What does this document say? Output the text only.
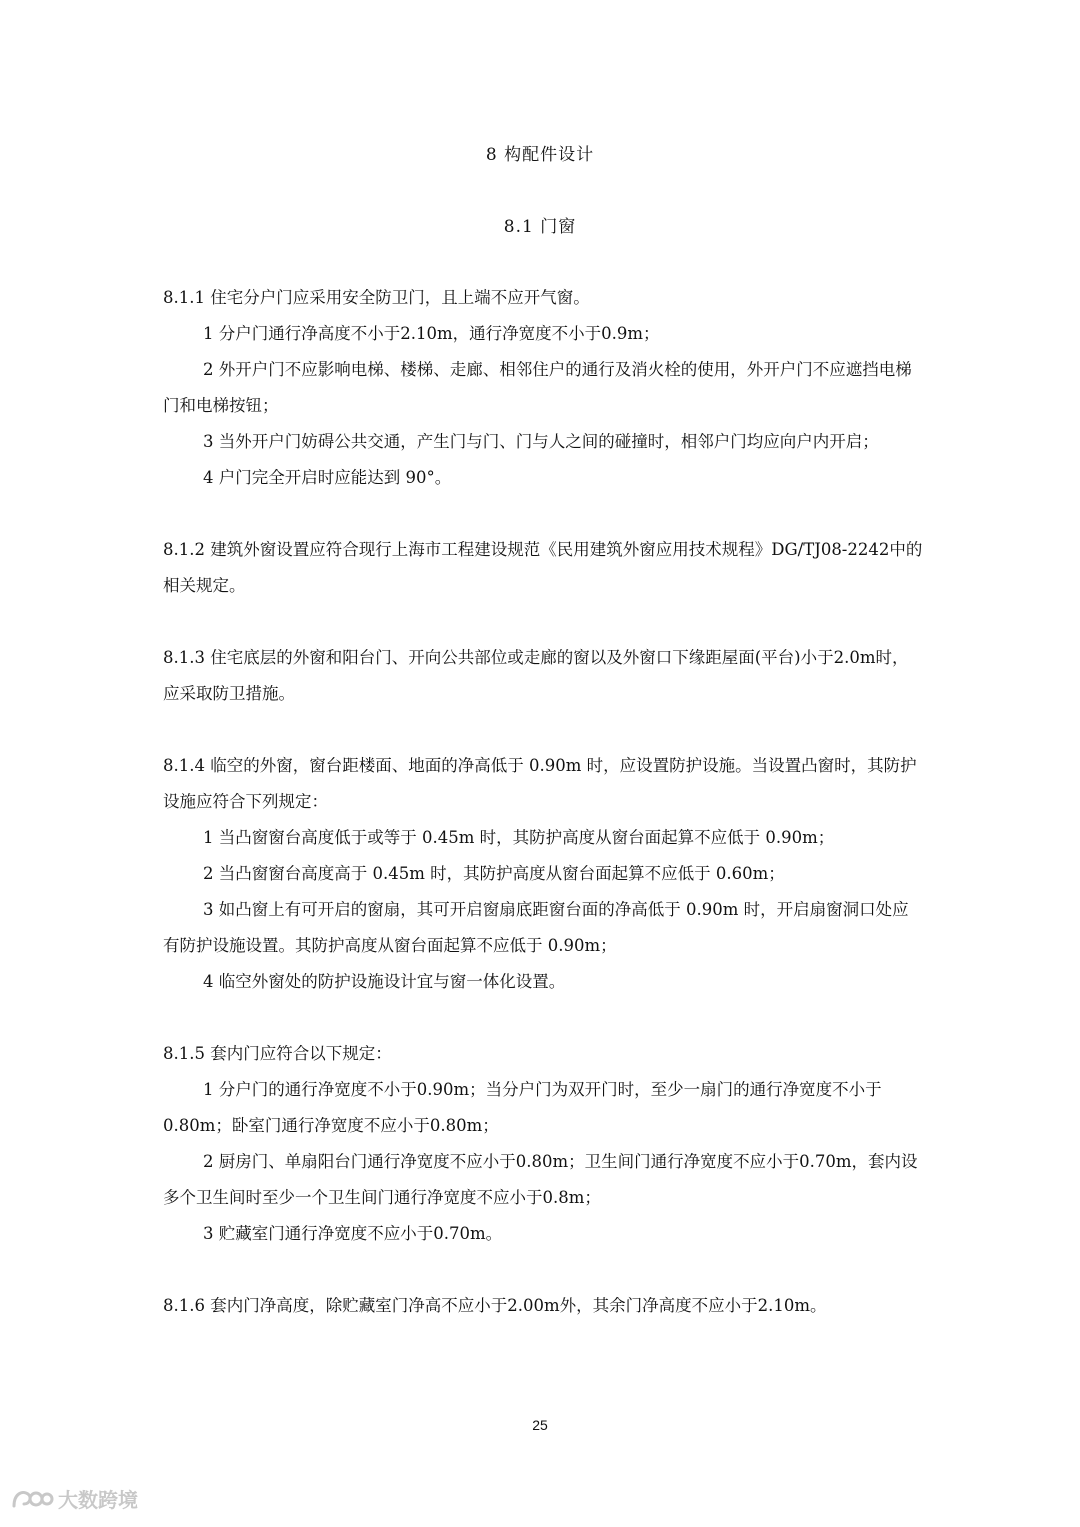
8 构配件设计
8.1 门窗

8.1.1 住宅分户门应采用安全防卫门，且上端不应开气窗。

1 分户门通行净高度不小于2.10m，通行净宽度不小于0.9m；

2 外开户门不应影响电梯、楼梯、走廊、相邻住户的通行及消火栓的使用，外开户门不应遮挡电梯门和电梯按钮；

3 当外开户门妨碍公共交通，产生门与门、门与人之间的碰撞时，相邻户门均应向户内开启；

4 户门完全开启时应能达到 90°。

8.1.2 建筑外窗设置应符合现行上海市工程建设规范《民用建筑外窗应用技术规程》DG/TJ08-2242中的相关规定。

8.1.3 住宅底层的外窗和阳台门、开向公共部位或走廊的窗以及外窗口下缘距屋面(平台)小于2.0m时，应采取防卫措施。

8.1.4 临空的外窗，窗台距楼面、地面的净高低于 0.90m 时，应设置防护设施。当设置凸窗时，其防护设施应符合下列规定：

1 当凸窗窗台高度低于或等于 0.45m 时，其防护高度从窗台面起算不应低于 0.90m；

2 当凸窗窗台高度高于 0.45m 时，其防护高度从窗台面起算不应低于 0.60m；

3 如凸窗上有可开启的窗扇，其可开启窗扇底距窗台面的净高低于 0.90m 时，开启扇窗洞口处应有防护设施设置。其防护高度从窗台面起算不应低于 0.90m；

4 临空外窗处的防护设施设计宜与窗一体化设置。

8.1.5 套内门应符合以下规定：

1 分户门的通行净宽度不小于0.90m；当分户门为双开门时，至少一扇门的通行净宽度不小于0.80m；卧室门通行净宽度不应小于0.80m；

2 厨房门、单扇阳台门通行净宽度不应小于0.80m；卫生间门通行净宽度不应小于0.70m，套内设多个卫生间时至少一个卫生间门通行净宽度不应小于0.8m；

3 贮藏室门通行净宽度不应小于0.70m。

8.1.6 套内门净高度，除贮藏室门净高不应小于2.00m外，其余门净高度不应小于2.10m。

25
大数跨境
